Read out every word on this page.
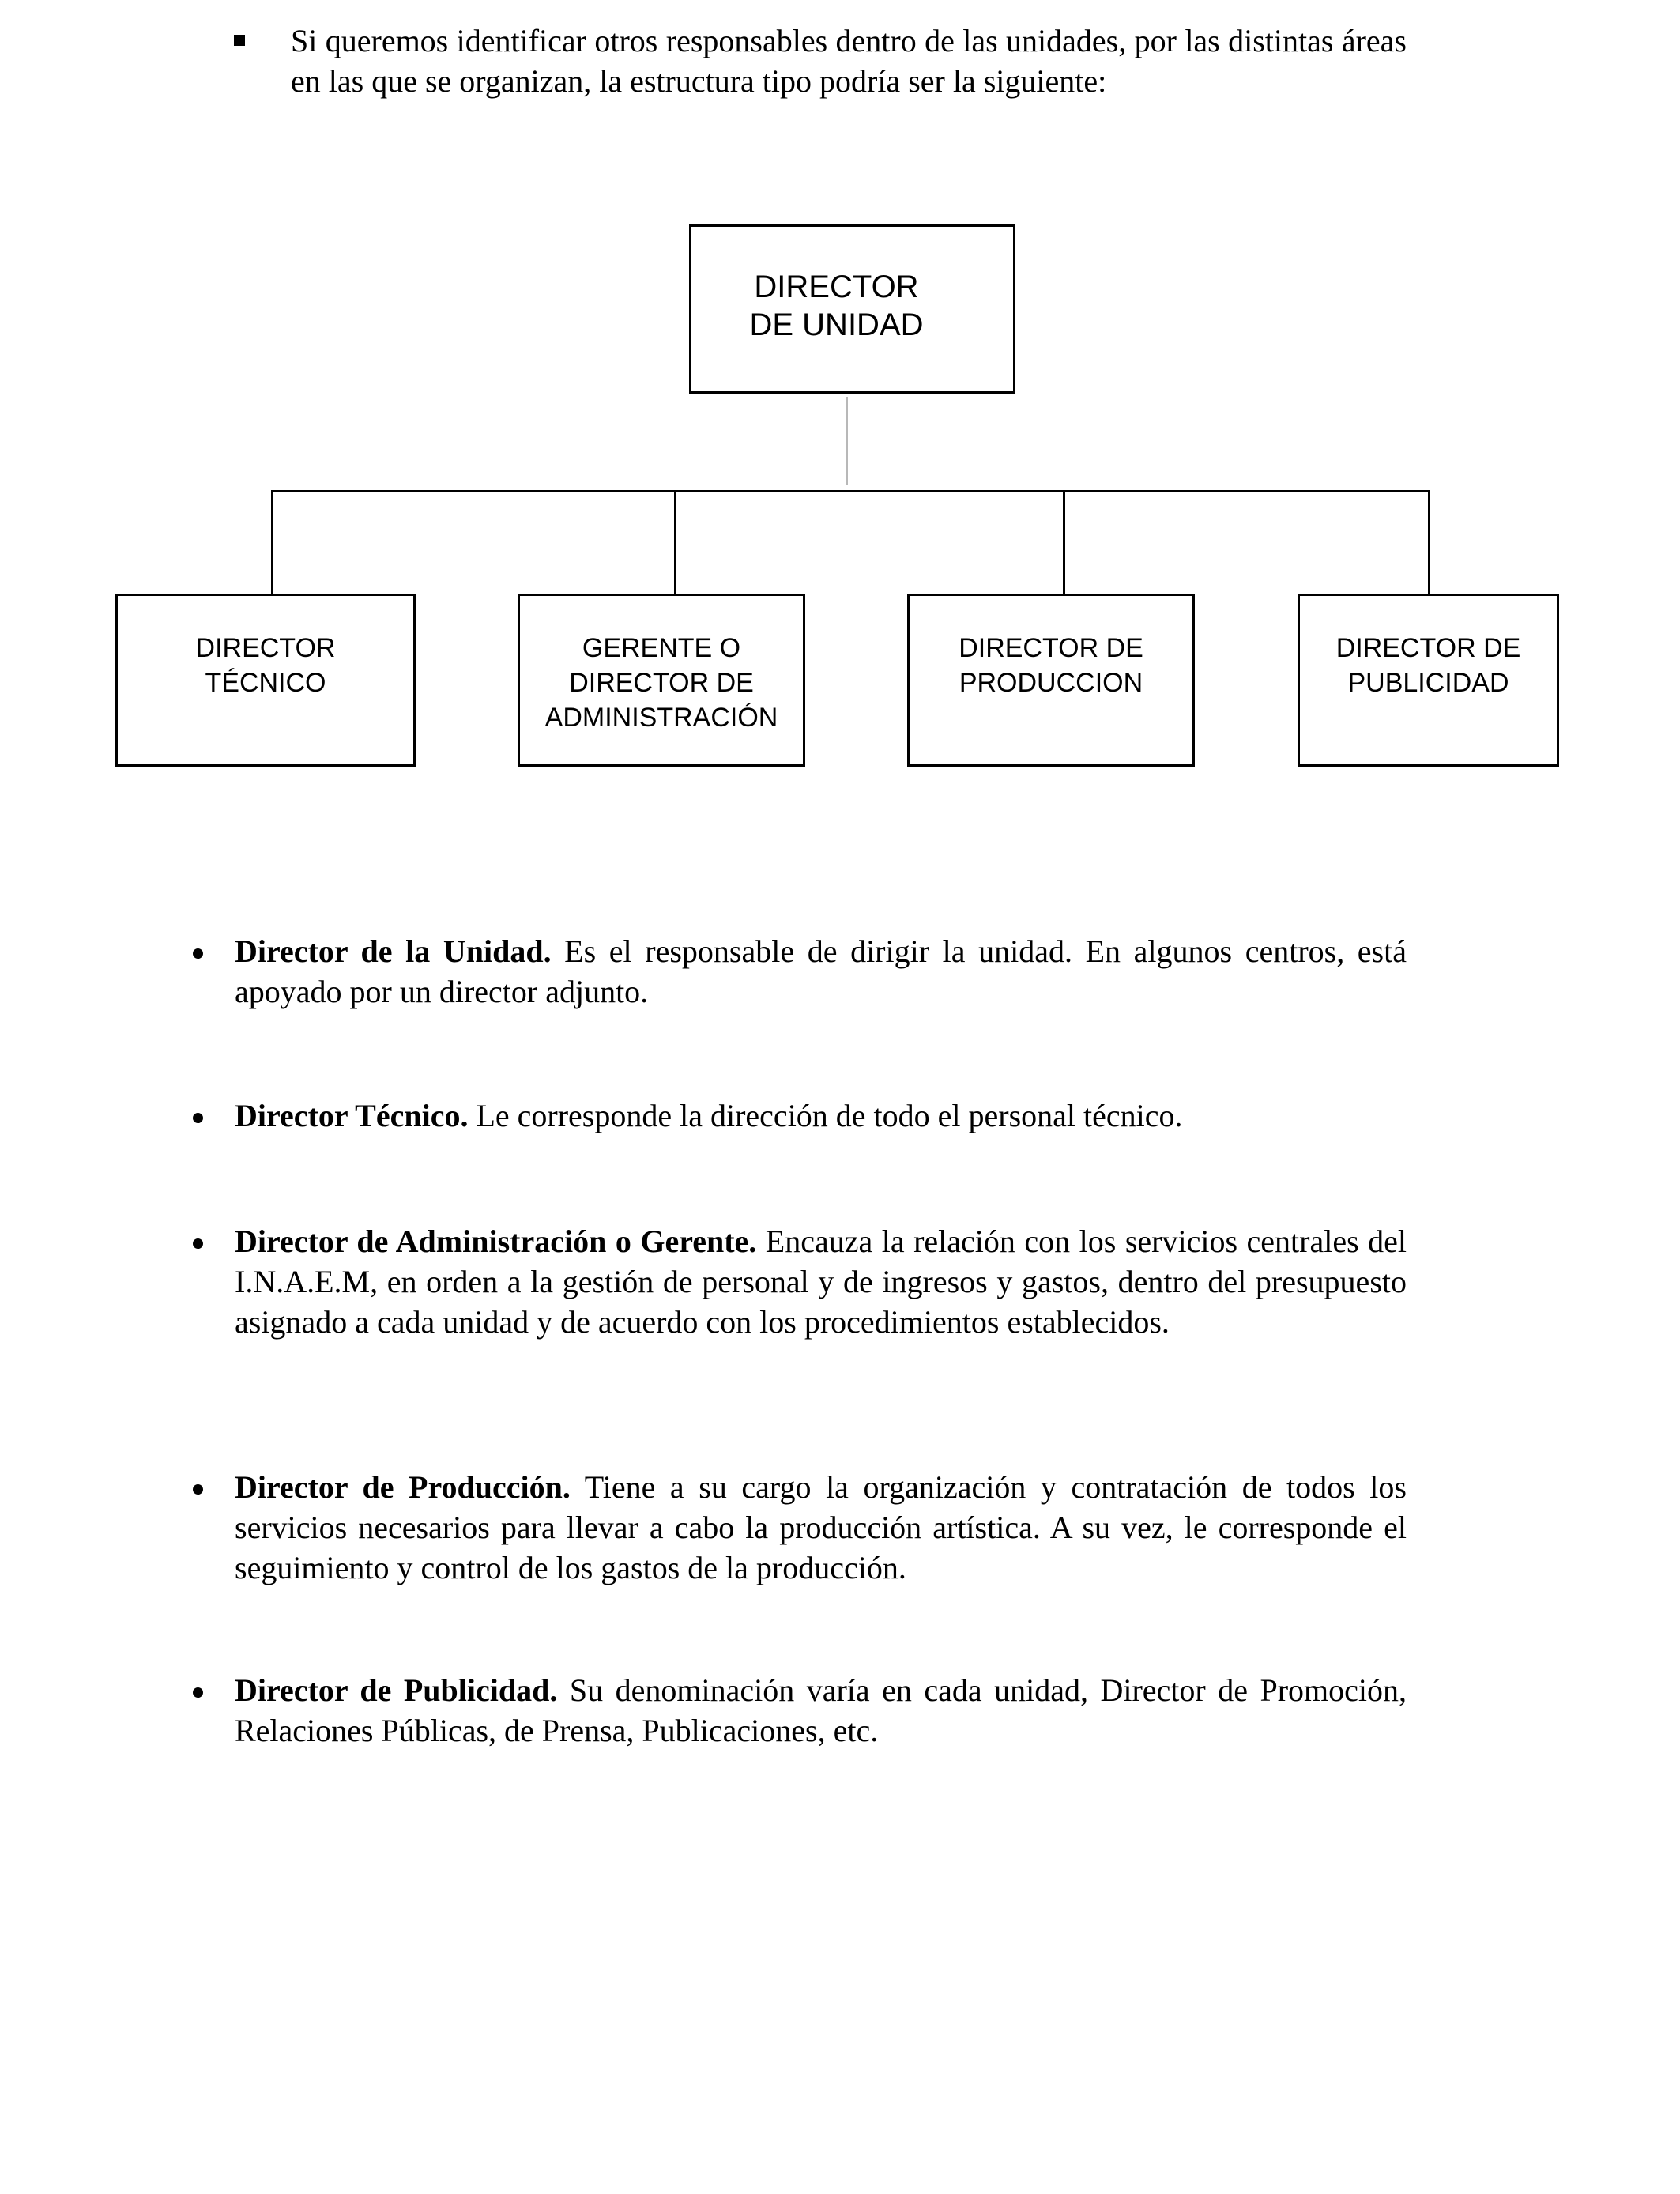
Si queremos identificar otros responsables dentro de las unidades, por las distintas áreas en las que se organizan, la estructura tipo podría ser la siguiente:
DIRECTOR
DE UNIDAD
DIRECTOR
TÉCNICO
GERENTE O
DIRECTOR DE
ADMINISTRACIÓN
DIRECTOR DE
PRODUCCION
DIRECTOR DE
PUBLICIDAD
Director de la Unidad. Es el responsable de dirigir la unidad. En algunos centros, está apoyado por un director adjunto.
Director Técnico. Le corresponde la dirección de todo el personal técnico.
Director de Administración o Gerente. Encauza la relación con los servicios centrales del I.N.A.E.M, en orden a la gestión de personal y de ingresos y gastos, dentro del presupuesto asignado a cada unidad y de acuerdo con los procedimientos establecidos.
Director de Producción. Tiene a su cargo la organización y contratación de todos los servicios necesarios para llevar a cabo la producción artística. A su vez, le corresponde el seguimiento y control de los gastos de la producción.
Director de Publicidad. Su denominación varía en cada unidad, Director de Promoción, Relaciones Públicas, de Prensa, Publicaciones, etc.
